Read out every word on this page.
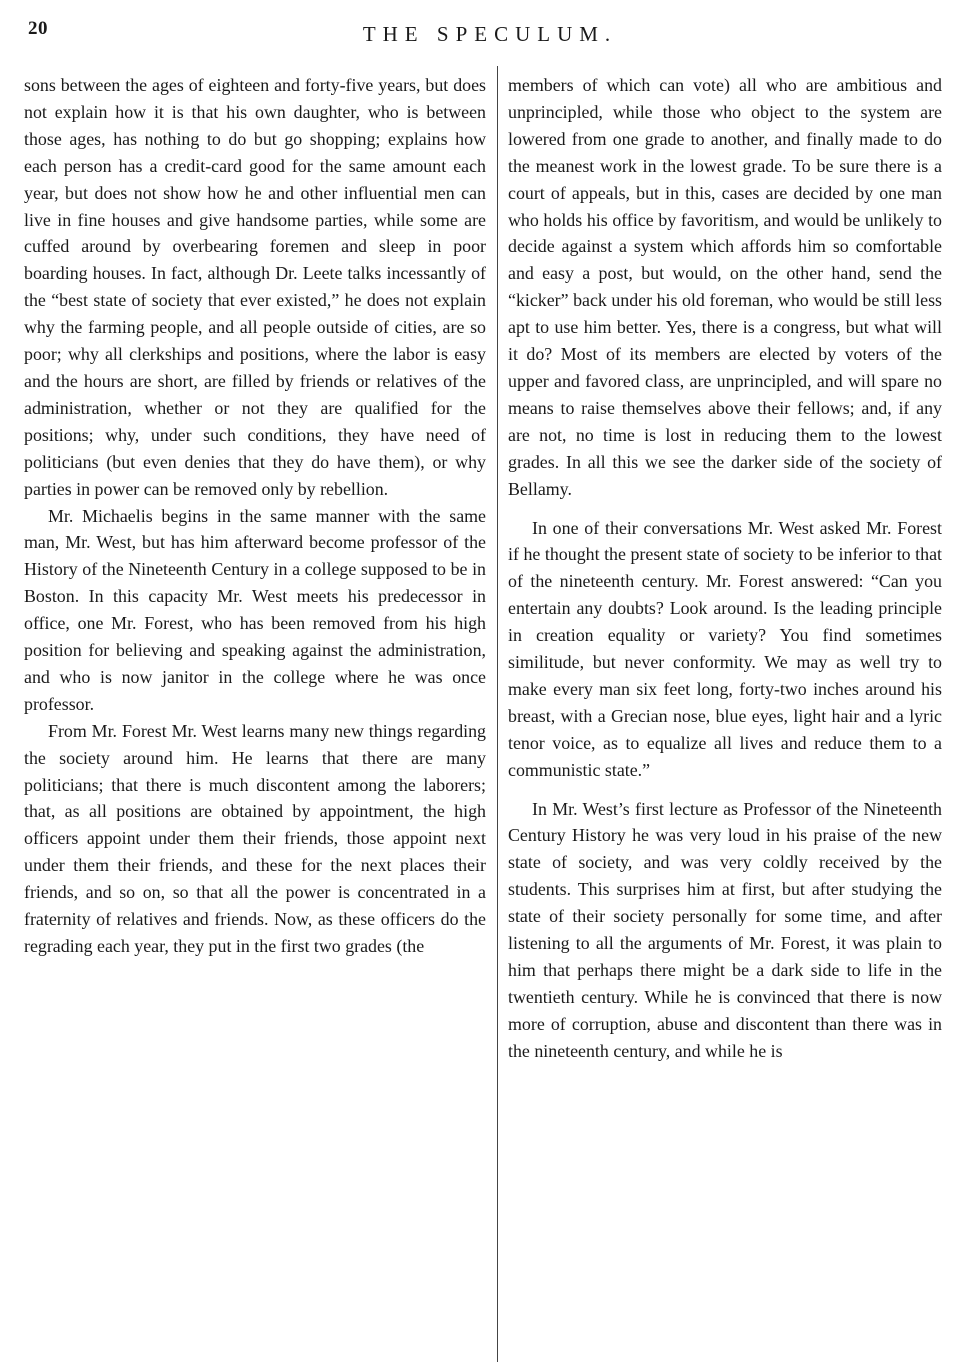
20	THE SPECULUM.

sons between the ages of eighteen and forty-five years, but does not explain how it is that his own daughter, who is between those ages, has nothing to do but go shopping; explains how each person has a credit-card good for the same amount each year, but does not show how he and other influential men can live in fine houses and give handsome parties, while some are cuffed around by overbearing foremen and sleep in poor boarding houses. In fact, although Dr. Leete talks incessantly of the “best state of society that ever existed,” he does not explain why the farming people, and all people outside of cities, are so poor; why all clerkships and positions, where the labor is easy and the hours are short, are filled by friends or relatives of the administration, whether or not they are qualified for the positions; why, under such conditions, they have need of politicians (but even denies that they do have them), or why parties in power can be removed only by rebellion.

Mr. Michaelis begins in the same manner with the same man, Mr. West, but has him afterward become professor of the History of the Nineteenth Century in a college supposed to be in Boston. In this capacity Mr. West meets his predecessor in office, one Mr. Forest, who has been removed from his high position for believing and speaking against the administration, and who is now janitor in the college where he was once professor.

From Mr. Forest Mr. West learns many new things regarding the society around him. He learns that there are many politicians; that there is much discontent among the laborers; that, as all positions are obtained by appointment, the high officers appoint under them their friends, those appoint next under them their friends, and these for the next places their friends, and so on, so that all the power is concentrated in a fraternity of relatives and friends. Now, as these officers do the regrading each year, they put in the first two grades (the

members of which can vote) all who are ambitious and unprincipled, while those who object to the system are lowered from one grade to another, and finally made to do the meanest work in the lowest grade. To be sure there is a court of appeals, but in this, cases are decided by one man who holds his office by favoritism, and would be unlikely to decide against a system which affords him so comfortable and easy a post, but would, on the other hand, send the “kicker” back under his old foreman, who would be still less apt to use him better. Yes, there is a congress, but what will it do? Most of its members are elected by voters of the upper and favored class, are unprincipled, and will spare no means to raise themselves above their fellows; and, if any are not, no time is lost in reducing them to the lowest grades. In all this we see the darker side of the society of Bellamy.

In one of their conversations Mr. West asked Mr. Forest if he thought the present state of society to be inferior to that of the nineteenth century. Mr. Forest answered: “Can you entertain any doubts? Look around. Is the leading principle in creation equality or variety? You find sometimes similitude, but never conformity. We may as well try to make every man six feet long, forty-two inches around his breast, with a Grecian nose, blue eyes, light hair and a lyric tenor voice, as to equalize all lives and reduce them to a communistic state.”

In Mr. West’s first lecture as Professor of the Nineteenth Century History he was very loud in his praise of the new state of society, and was very coldly received by the students. This surprises him at first, but after studying the state of their society personally for some time, and after listening to all the arguments of Mr. Forest, it was plain to him that perhaps there might be a dark side to life in the twentieth century. While he is convinced that there is now more of corruption, abuse and discontent than there was in the nineteenth century, and while he is
